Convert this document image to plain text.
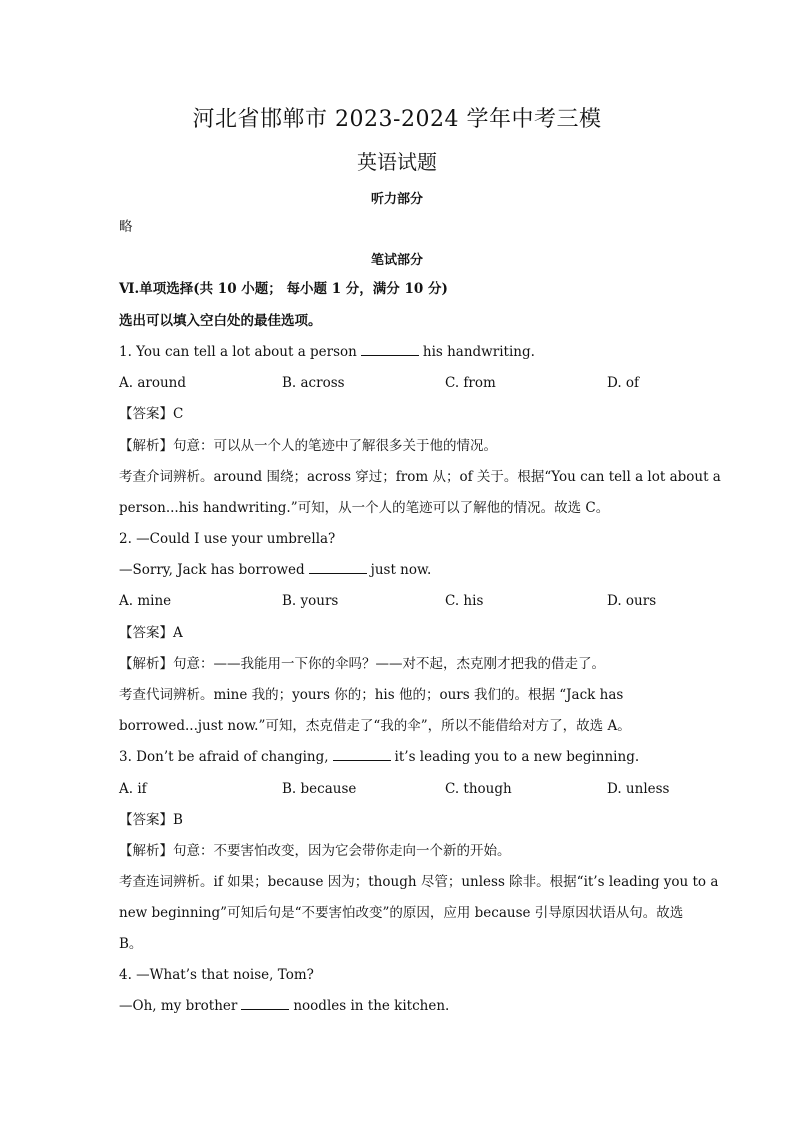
河北省邯郸市 2023-2024 学年中考三模
英语试题
听力部分
略
笔试部分
Ⅵ.单项选择(共 10 小题； 每小题 1 分，满分 10 分)
选出可以填入空白处的最佳选项。
1. You can tell a lot about a person	his handwriting.
A. around	B. across	C. from	D. of
【答案】C
【解析】句意：可以从一个人的笔迹中了解很多关于他的情况。
考查介词辨析。around 围绕；across 穿过；from 从；of 关于。根据“You can tell a lot about a
person...his handwriting.”可知，从一个人的笔迹可以了解他的情况。故选 C。
2. —Could I use your umbrella?
—Sorry, Jack has borrowed	just now.
A. mine	B. yours	C. his	D. ours
【答案】A
【解析】句意：——我能用一下你的伞吗？——对不起，杰克刚才把我的借走了。
考查代词辨析。mine 我的；yours 你的；his 他的；ours 我们的。根据 “Jack has
borrowed...just now.”可知，杰克借走了“我的伞”，所以不能借给对方了，故选 A。
3. Don’t be afraid of changing,	it’s leading you to a new beginning.
A. if	B. because	C. though	D. unless
【答案】B
【解析】句意：不要害怕改变，因为它会带你走向一个新的开始。
考查连词辨析。if 如果；because 因为；though 尽管；unless 除非。根据“it’s leading you to a
new beginning”可知后句是“不要害怕改变”的原因，应用 because 引导原因状语从句。故选
B。
4. —What’s that noise, Tom?
—Oh, my brother	noodles in the kitchen.
